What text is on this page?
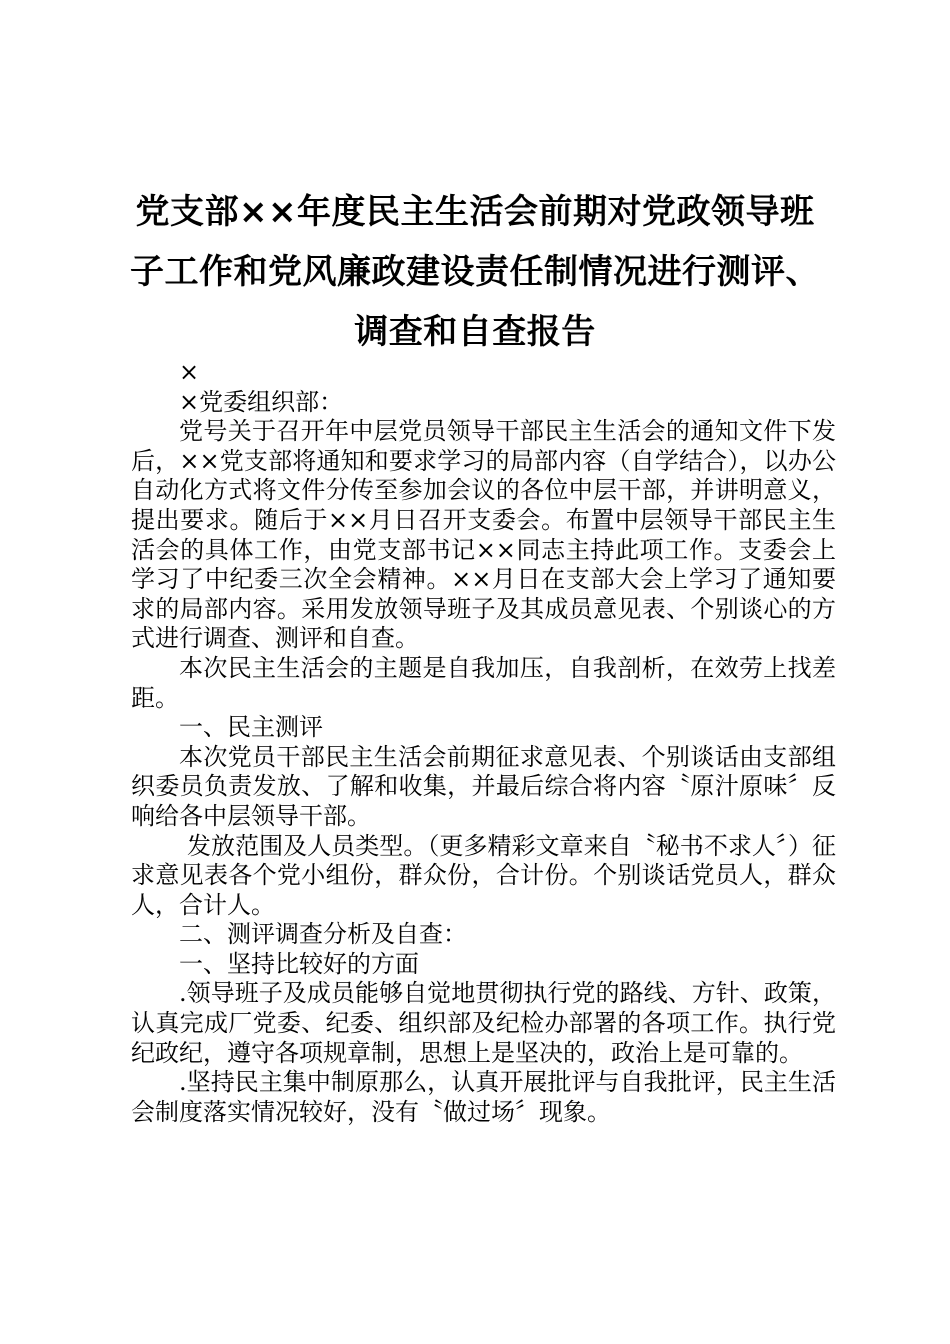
党支部××年度民主生活会前期对党政领导班
子工作和党风廉政建设责任制情况进行测评、
调查和自查报告

×

×党委组织部：

党号关于召开年中层党员领导干部民主生活会的通知文件下发后，××党支部将通知和要求学习的局部内容（自学结合），以办公自动化方式将文件分传至参加会议的各位中层干部，并讲明意义，提出要求。随后于××月日召开支委会。布置中层领导干部民主生活会的具体工作，由党支部书记××同志主持此项工作。支委会上学习了中纪委三次全会精神。××月日在支部大会上学习了通知要求的局部内容。采用发放领导班子及其成员意见表、个别谈心的方式进行调查、测评和自查。

本次民主生活会的主题是自我加压，自我剖析，在效劳上找差距。

一、民主测评

本次党员干部民主生活会前期征求意见表、个别谈话由支部组织委员负责发放、了解和收集，并最后综合将内容〝原汁原味〞反响给各中层领导干部。

发放范围及人员类型。（更多精彩文章来自〝秘书不求人〞）征求意见表各个党小组份，群众份，合计份。个别谈话党员人，群众人，合计人。

二、测评调查分析及自查：

一、坚持比较好的方面

.领导班子及成员能够自觉地贯彻执行党的路线、方针、政策，认真完成厂党委、纪委、组织部及纪检办部署的各项工作。执行党纪政纪，遵守各项规章制，思想上是坚决的，政治上是可靠的。

.坚持民主集中制原那么，认真开展批评与自我批评，民主生活会制度落实情况较好，没有〝做过场〞现象。
